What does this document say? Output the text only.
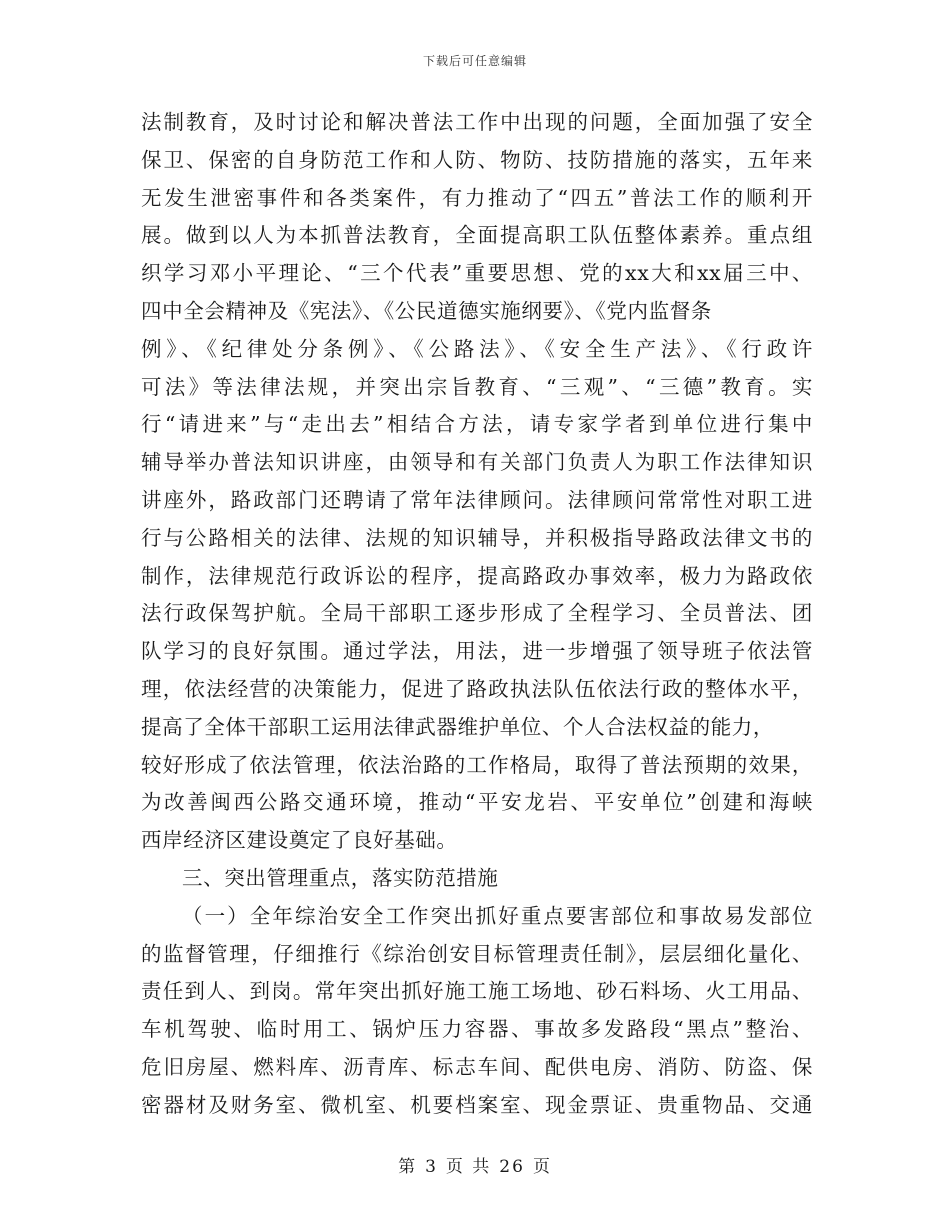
下载后可任意编辑
法制教育，及时讨论和解决普法工作中出现的问题，全面加强了安全
保卫、保密的自身防范工作和人防、物防、技防措施的落实，五年来
无发生泄密事件和各类案件，有力推动了“四五”普法工作的顺利开
展。做到以人为本抓普法教育，全面提高职工队伍整体素养。重点组
织学习邓小平理论、“三个代表”重要思想、党的xx大和xx届三中、
四中全会精神及《宪法》、《公民道德实施纲要》、《党内监督条
例》、《纪律处分条例》、《公路法》、《安全生产法》、《行政许
可法》等法律法规，并突出宗旨教育、“三观”、“三德”教育。实
行“请进来”与“走出去”相结合方法，请专家学者到单位进行集中
辅导举办普法知识讲座，由领导和有关部门负责人为职工作法律知识
讲座外，路政部门还聘请了常年法律顾问。法律顾问常常性对职工进
行与公路相关的法律、法规的知识辅导，并积极指导路政法律文书的
制作，法律规范行政诉讼的程序，提高路政办事效率，极力为路政依
法行政保驾护航。全局干部职工逐步形成了全程学习、全员普法、团
队学习的良好氛围。通过学法，用法，进一步增强了领导班子依法管
理，依法经营的决策能力，促进了路政执法队伍依法行政的整体水平，
提高了全体干部职工运用法律武器维护单位、个人合法权益的能力，
较好形成了依法管理，依法治路的工作格局，取得了普法预期的效果，
为改善闽西公路交通环境，推动“平安龙岩、平安单位”创建和海峡
西岸经济区建设奠定了良好基础。
三、突出管理重点，落实防范措施
（一）全年综治安全工作突出抓好重点要害部位和事故易发部位
的监督管理，仔细推行《综治创安目标管理责任制》，层层细化量化、
责任到人、到岗。常年突出抓好施工施工场地、砂石料场、火工用品、
车机驾驶、临时用工、锅炉压力容器、事故多发路段“黑点”整治、
危旧房屋、燃料库、沥青库、标志车间、配供电房、消防、防盗、保
密器材及财务室、微机室、机要档案室、现金票证、贵重物品、交通
第 3 页 共 26 页
